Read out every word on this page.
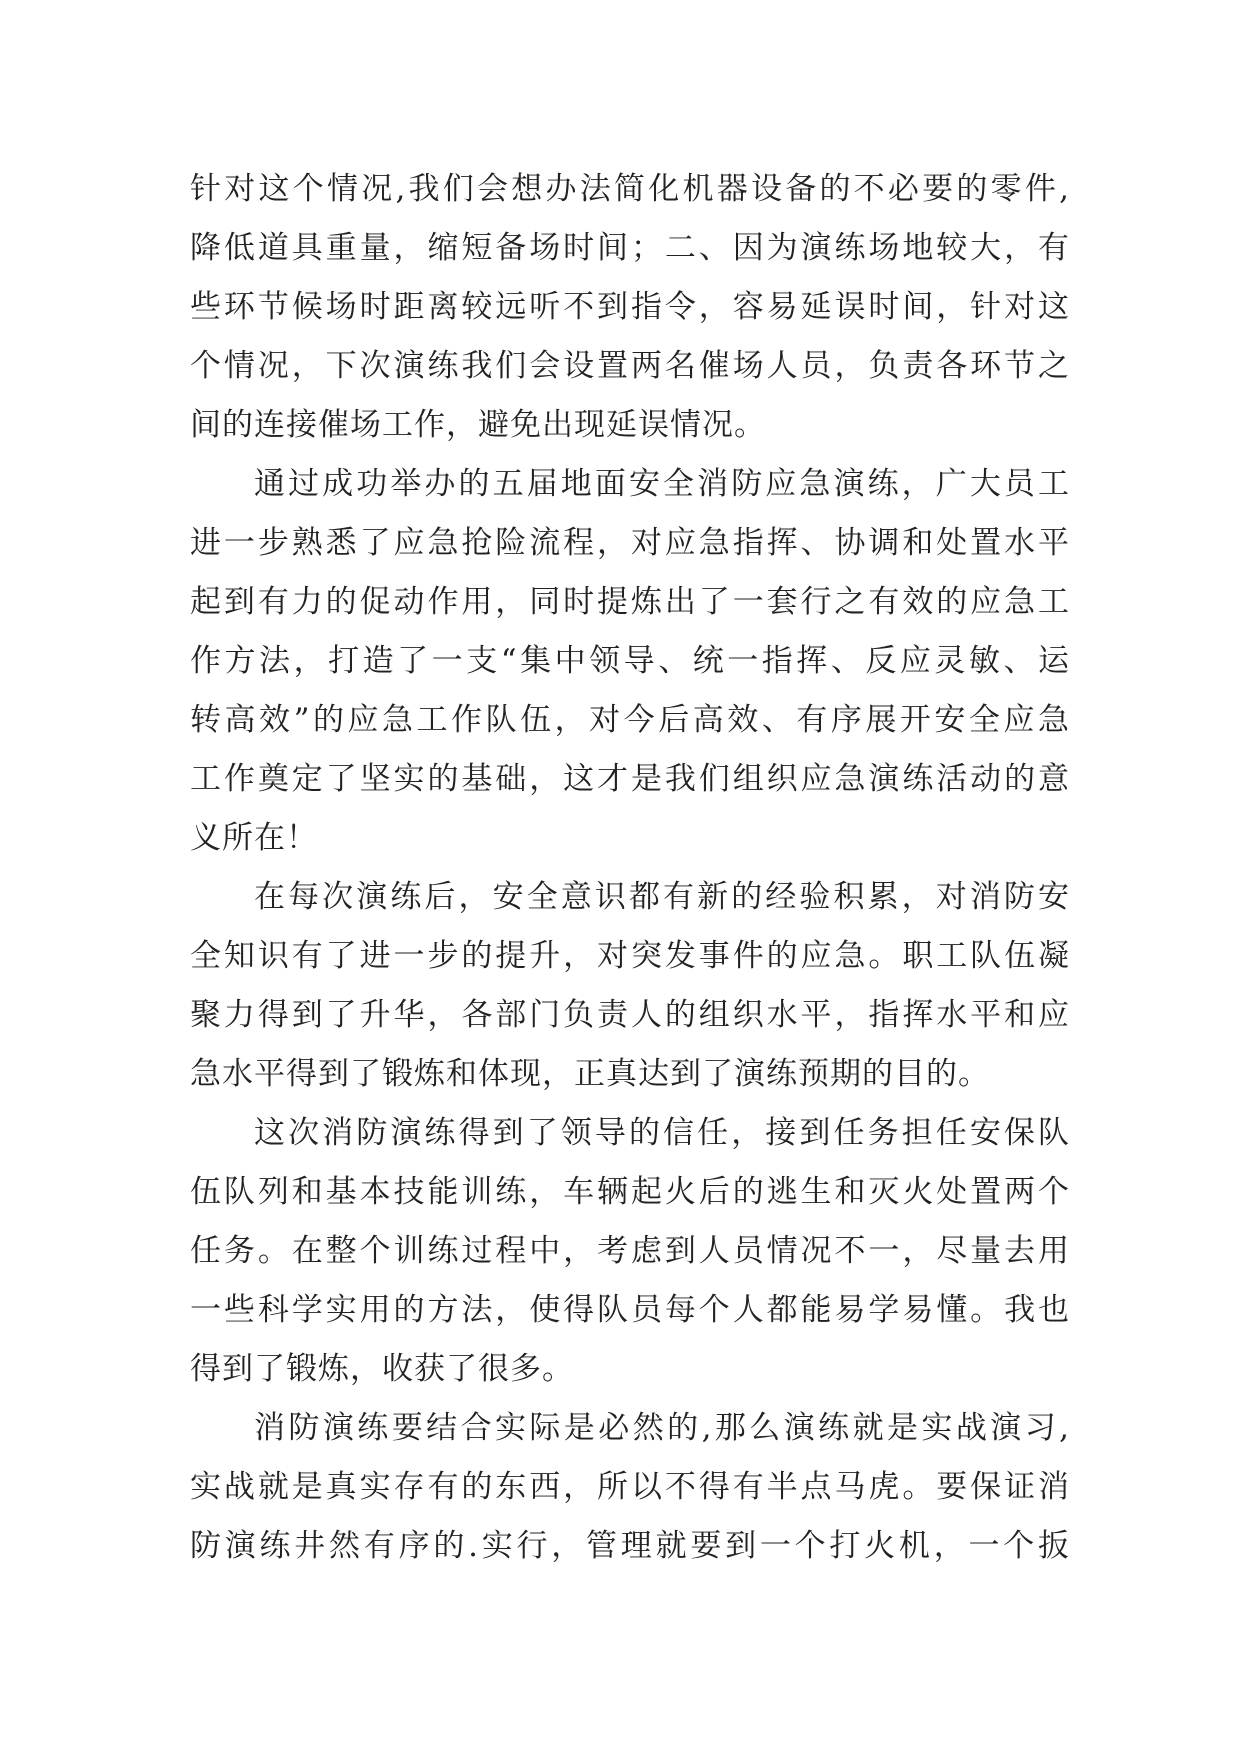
针对这个情况,我们会想办法简化机器设备的不必要的零件,
降低道具重量，缩短备场时间；二、因为演练场地较大，有
些环节候场时距离较远听不到指令，容易延误时间，针对这
个情况，下次演练我们会设置两名催场人员，负责各环节之
间的连接催场工作，避免出现延误情况。
通过成功举办的五届地面安全消防应急演练，广大员工
进一步熟悉了应急抢险流程，对应急指挥、协调和处置水平
起到有力的促动作用，同时提炼出了一套行之有效的应急工
作方法，打造了一支“集中领导、统一指挥、反应灵敏、运
转高效”的应急工作队伍，对今后高效、有序展开安全应急
工作奠定了坚实的基础，这才是我们组织应急演练活动的意
义所在！
在每次演练后，安全意识都有新的经验积累，对消防安
全知识有了进一步的提升，对突发事件的应急。职工队伍凝
聚力得到了升华，各部门负责人的组织水平，指挥水平和应
急水平得到了锻炼和体现，正真达到了演练预期的目的。
这次消防演练得到了领导的信任，接到任务担任安保队
伍队列和基本技能训练，车辆起火后的逃生和灭火处置两个
任务。在整个训练过程中，考虑到人员情况不一，尽量去用
一些科学实用的方法，使得队员每个人都能易学易懂。我也
得到了锻炼，收获了很多。
消防演练要结合实际是必然的,那么演练就是实战演习,
实战就是真实存有的东西，所以不得有半点马虎。要保证消
防演练井然有序的.实行，管理就要到一个打火机，一个扳
